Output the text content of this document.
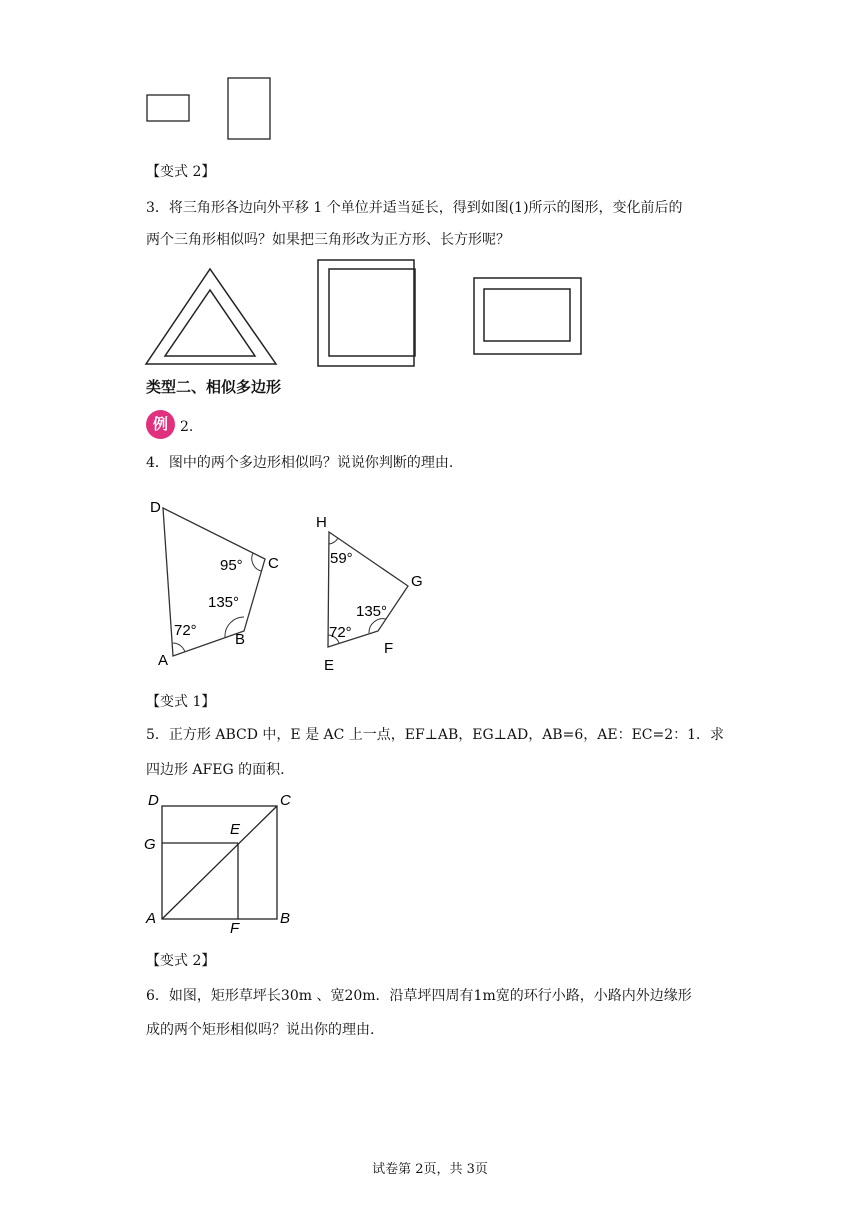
【变式 2】
3．将三角形各边向外平移 1 个单位并适当延长，得到如图(1)所示的图形，变化前后的
两个三角形相似吗？如果把三角形改为正方形、长方形呢？
类型二、相似多边形
例 2.
4．图中的两个多边形相似吗？说说你判断的理由.
D
C
B
A
95°
135°
72°
H
G
F
E
59°
135°
72°
【变式 1】
5．正方形 ABCD 中，E 是 AC 上一点，EF⊥AB，EG⊥AD，AB=6，AE：EC=2：1．求
四边形 AFEG 的面积.
D	C
G
E
A
F
B
【变式 2】
6．如图，矩形草坪长30m 、宽20m．沿草坪四周有1m宽的环行小路，小路内外边缘形
成的两个矩形相似吗？说出你的理由.
试卷第 2页，共 3页
